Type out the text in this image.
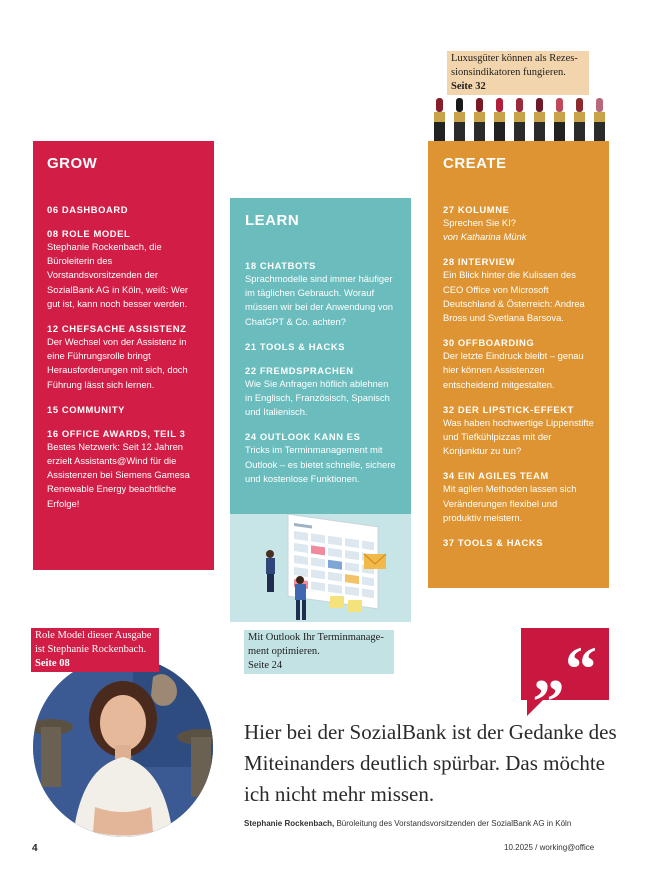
Luxusgüter können als Rezes-
sionsindikatoren fungieren.
Seite 32
GROW
06 DASHBOARD
08 ROLE MODEL
Stephanie Rockenbach, die Büroleiterin des Vorstandsvorsitzenden der SozialBank AG in Köln, weiß: Wer gut ist, kann noch besser werden.
12 CHEFSACHE ASSISTENZ
Der Wechsel von der Assistenz in eine Führungsrolle bringt Herausforderungen mit sich, doch Führung lässt sich lernen.
15 COMMUNITY
16 OFFICE AWARDS, TEIL 3
Bestes Netzwerk: Seit 12 Jahren erzielt Assistants@Wind für die Assistenzen bei Siemens Gamesa Renewable Energy beachtliche Erfolge!
LEARN
18 CHATBOTS
Sprachmodelle sind immer häufiger im täglichen Gebrauch. Worauf müssen wir bei der Anwendung von ChatGPT & Co. achten?
21 TOOLS & HACKS
22 FREMDSPRACHEN
Wie Sie Anfragen höflich ablehnen in Englisch, Französisch, Spanisch und Italienisch.
24 OUTLOOK KANN ES
Tricks im Terminmanagement mit Outlook – es bietet schnelle, sichere und kostenlose Funktionen.
Mit Outlook Ihr Terminmanage-
ment optimieren.
Seite 24
CREATE
27 KOLUMNE
Sprechen Sie KI?
von Katharina Münk
28 INTERVIEW
Ein Blick hinter die Kulissen des CEO Office von Microsoft Deutschland & Österreich: Andrea Bross und Svetlana Barsova.
30 OFFBOARDING
Der letzte Eindruck bleibt – genau hier können Assistenzen entscheidend mitgestalten.
32 DER LIPSTICK-EFFEKT
Was haben hochwertige Lippenstifte und Tiefkühlpizzas mit der Konjunktur zu tun?
34 EIN AGILES TEAM
Mit agilen Methoden lassen sich Veränderungen flexibel und produktiv meistern.
37 TOOLS & HACKS
Role Model dieser Ausgabe
ist Stephanie Rockenbach.
Seite 08	„“
Hier bei der SozialBank ist der Gedanke des Miteinanders deutlich spürbar. Das möchte ich nicht mehr missen.
Stephanie Rockenbach, Büroleitung des Vorstandsvorsitzenden der SozialBank AG in Köln
4	10.2025 / working@office
